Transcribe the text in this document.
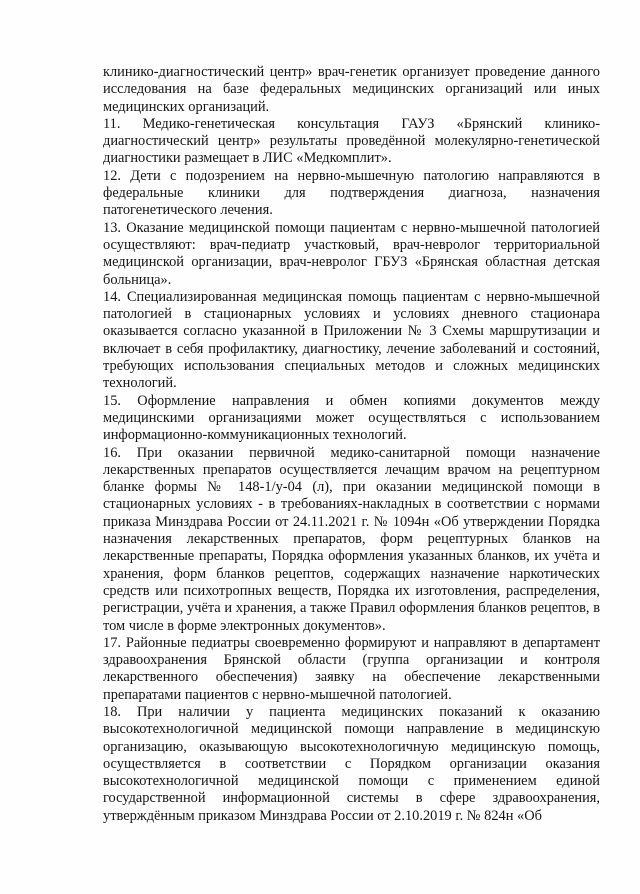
клинико-диагностический центр» врач-генетик организует проведение данного исследования на базе федеральных медицинских организаций или иных медицинских организаций.

11. Медико-генетическая консультация ГАУЗ «Брянский клинико-диагностический центр» результаты проведённой молекулярно-генетической диагностики размещает в ЛИС «Медкомплит».

12. Дети с подозрением на нервно-мышечную патологию направляются в федеральные клиники для подтверждения диагноза, назначения патогенетического лечения.

13. Оказание медицинской помощи пациентам с нервно-мышечной патологией осуществляют: врач-педиатр участковый, врач-невролог территориальной медицинской организации, врач-невролог ГБУЗ «Брянская областная детская больница».

14. Специализированная медицинская помощь пациентам с нервно-мышечной патологией в стационарных условиях и условиях дневного стационара оказывается согласно указанной в Приложении № 3 Схемы маршрутизации и включает в себя профилактику, диагностику, лечение заболеваний и состояний, требующих использования специальных методов и сложных медицинских технологий.

15. Оформление направления и обмен копиями документов между медицинскими организациями может осуществляться с использованием информационно-коммуникационных технологий.

16. При оказании первичной медико-санитарной помощи назначение лекарственных препаратов осуществляется лечащим врачом на рецептурном бланке формы № 148-1/у-04 (л), при оказании медицинской помощи в стационарных условиях - в требованиях-накладных в соответствии с нормами приказа Минздрава России от 24.11.2021 г. № 1094н «Об утверждении Порядка назначения лекарственных препаратов, форм рецептурных бланков на лекарственные препараты, Порядка оформления указанных бланков, их учёта и хранения, форм бланков рецептов, содержащих назначение наркотических средств или психотропных веществ, Порядка их изготовления, распределения, регистрации, учёта и хранения, а также Правил оформления бланков рецептов, в том числе в форме электронных документов».

17. Районные педиатры своевременно формируют и направляют в департамент здравоохранения Брянской области (группа организации и контроля лекарственного обеспечения) заявку на обеспечение лекарственными препаратами пациентов с нервно-мышечной патологией.

18. При наличии у пациента медицинских показаний к оказанию высокотехнологичной медицинской помощи направление в медицинскую организацию, оказывающую высокотехнологичную медицинскую помощь, осуществляется в соответствии с Порядком организации оказания высокотехнологичной медицинской помощи с применением единой государственной информационной системы в сфере здравоохранения, утверждённым приказом Минздрава России от 2.10.2019 г. № 824н «Об
